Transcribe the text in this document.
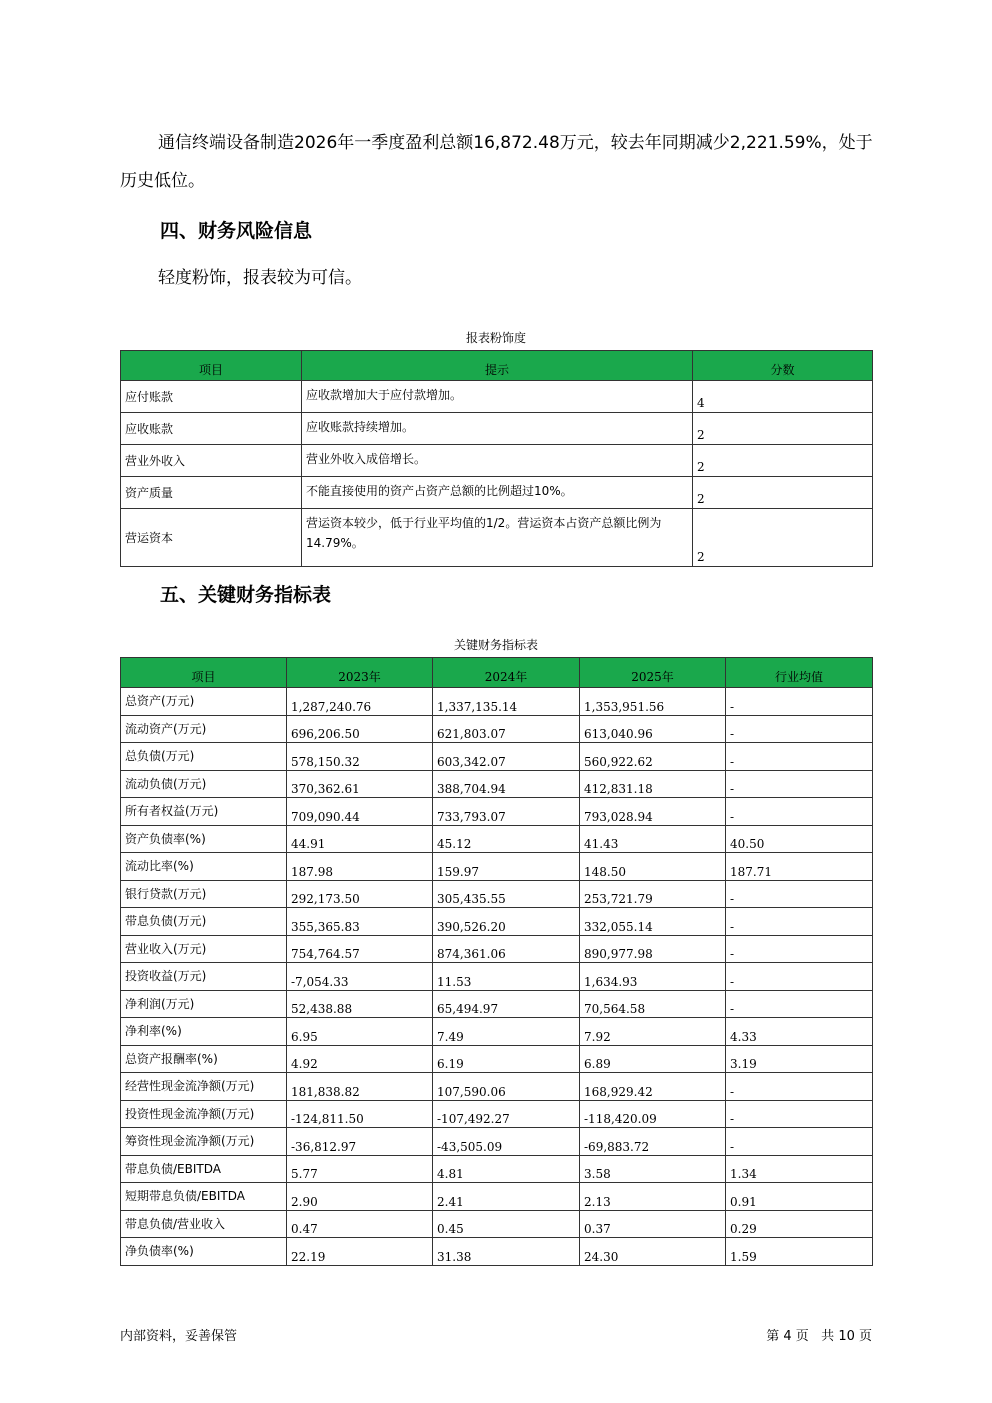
通信终端设备制造2026年一季度盈利总额16,872.48万元，较去年同期减少2,221.59%，处于历史低位。

四、财务风险信息

轻度粉饰，报表较为可信。

报表粉饰度
项目	提示	分数
应付账款	应收款增加大于应付款增加。	4
应收账款	应收账款持续增加。	2
营业外收入	营业外收入成倍增长。	2
资产质量	不能直接使用的资产占资产总额的比例超过10%。	2
营运资本	营运资本较少，低于行业平均值的1/2。营运资本占资产总额比例为14.79%。	2
五、关键财务指标表
关键财务指标表
项目	2023年	2024年	2025年	行业均值
总资产(万元)	1,287,240.76	1,337,135.14	1,353,951.56	-
流动资产(万元)	696,206.50	621,803.07	613,040.96	-
总负债(万元)	578,150.32	603,342.07	560,922.62	-
流动负债(万元)	370,362.61	388,704.94	412,831.18	-
所有者权益(万元)	709,090.44	733,793.07	793,028.94	-
资产负债率(%)	44.91	45.12	41.43	40.50
流动比率(%)	187.98	159.97	148.50	187.71
银行贷款(万元)	292,173.50	305,435.55	253,721.79	-
带息负债(万元)	355,365.83	390,526.20	332,055.14	-
营业收入(万元)	754,764.57	874,361.06	890,977.98	-
投资收益(万元)	-7,054.33	11.53	1,634.93	-
净利润(万元)	52,438.88	65,494.97	70,564.58	-
净利率(%)	6.95	7.49	7.92	4.33
总资产报酬率(%)	4.92	6.19	6.89	3.19
经营性现金流净额(万元)	181,838.82	107,590.06	168,929.42	-
投资性现金流净额(万元)	-124,811.50	-107,492.27	-118,420.09	-
筹资性现金流净额(万元)	-36,812.97	-43,505.09	-69,883.72	-
带息负债/EBITDA	5.77	4.81	3.58	1.34
短期带息负债/EBITDA	2.90	2.41	2.13	0.91
带息负债/营业收入	0.47	0.45	0.37	0.29
净负债率(%)	22.19	31.38	24.30	1.59
内部资料，妥善保管	第 4 页   共 10 页
